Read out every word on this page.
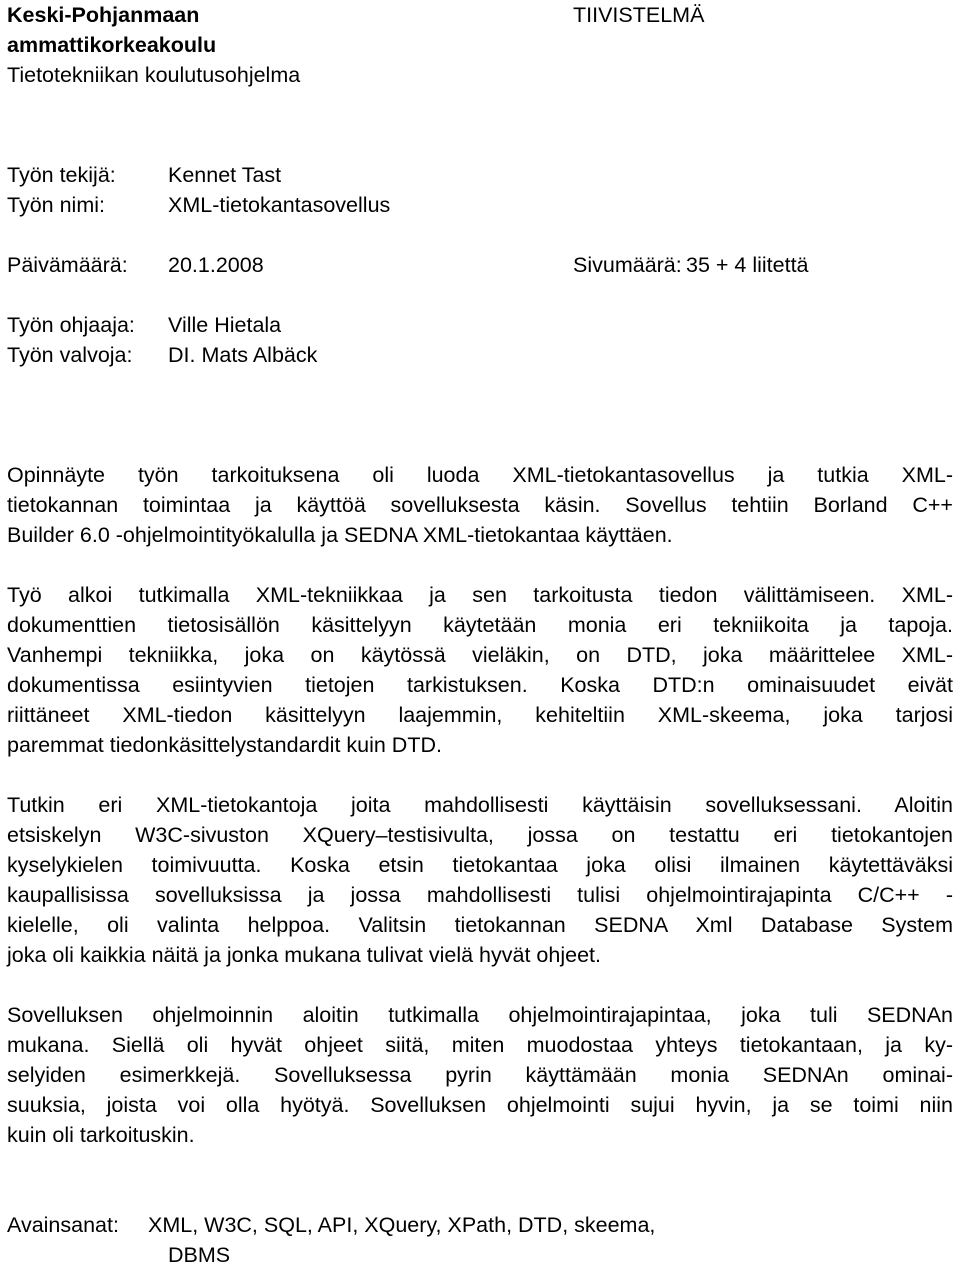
Keski-Pohjanmaan
ammattikorkeakoulu
Tietotekniikan koulutusohjelma
TIIVISTELMÄ
Työn tekijä: Kennet Tast
Työn nimi:	XML-tietokantasovellus
Päivämäärä: 20.1.2008	Sivumäärä: 35 + 4 liitettä
Työn ohjaaja: Ville Hietala
Työn valvoja: DI. Mats Albäck

Opinnäyte työn tarkoituksena oli luoda XML-tietokantasovellus ja tutkia XML-
tietokannan toimintaa ja käyttöä sovelluksesta käsin. Sovellus tehtiin Borland C++
Builder 6.0 -ohjelmointityökalulla ja SEDNA XML-tietokantaa käyttäen.

Työ alkoi tutkimalla XML-tekniikkaa ja sen tarkoitusta tiedon välittämiseen. XML-
dokumenttien tietosisällön käsittelyyn käytetään monia eri tekniikoita ja tapoja.
Vanhempi tekniikka, joka on käytössä vieläkin, on DTD, joka määrittelee XML-
dokumentissa esiintyvien tietojen tarkistuksen. Koska DTD:n ominaisuudet eivät
riittäneet XML-tiedon käsittelyyn laajemmin, kehiteltiin XML-skeema, joka tarjosi
paremmat tiedonkäsittelystandardit kuin DTD.

Tutkin eri XML-tietokantoja joita mahdollisesti käyttäisin sovelluksessani. Aloitin
etsiskelyn W3C-sivuston XQuery–testisivulta, jossa on testattu eri tietokantojen
kyselykielen toimivuutta. Koska etsin tietokantaa joka olisi ilmainen käytettäväksi
kaupallisissa sovelluksissa ja jossa mahdollisesti tulisi ohjelmointirajapinta C/C++ -
kielelle, oli valinta helppoa. Valitsin tietokannan SEDNA Xml Database System
joka oli kaikkia näitä ja jonka mukana tulivat vielä hyvät ohjeet.

Sovelluksen ohjelmoinnin aloitin tutkimalla ohjelmointirajapintaa, joka tuli SEDNAn
mukana. Siellä oli hyvät ohjeet siitä, miten muodostaa yhteys tietokantaan, ja ky-
selyiden esimerkkejä. Sovelluksessa pyrin käyttämään monia SEDNAn ominai-
suuksia, joista voi olla hyötyä. Sovelluksen ohjelmointi sujui hyvin, ja se toimi niin
kuin oli tarkoituskin.

Avainsanat: XML, W3C, SQL, API, XQuery, XPath, DTD, skeema,
DBMS
